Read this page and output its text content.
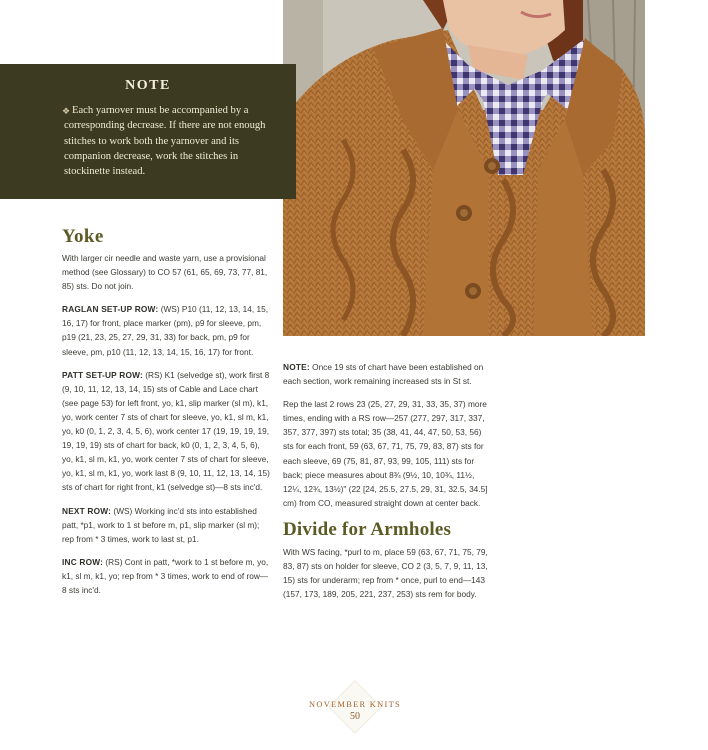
NOTE
❖ Each yarnover must be accompanied by a corresponding decrease. If there are not enough stitches to work both the yarnover and its companion decrease, work the stitches in stockinette instead.
Yoke

With larger cir needle and waste yarn, use a provisional method (see Glossary) to CO 57 (61, 65, 69, 73, 77, 81, 85) sts. Do not join.

RAGLAN SET-UP ROW: (WS) P10 (11, 12, 13, 14, 15, 16, 17) for front, place marker (pm), p9 for sleeve, pm, p19 (21, 23, 25, 27, 29, 31, 33) for back, pm, p9 for sleeve, pm, p10 (11, 12, 13, 14, 15, 16, 17) for front.

PATT SET-UP ROW: (RS) K1 (selvedge st), work first 8 (9, 10, 11, 12, 13, 14, 15) sts of Cable and Lace chart (see page 53) for left front, yo, k1, slip marker (sl m), k1, yo, work center 7 sts of chart for sleeve, yo, k1, sl m, k1, yo, k0 (0, 1, 2, 3, 4, 5, 6), work center 17 (19, 19, 19, 19, 19, 19, 19) sts of chart for back, k0 (0, 1, 2, 3, 4, 5, 6), yo, k1, sl m, k1, yo, work center 7 sts of chart for sleeve, yo, k1, sl m, k1, yo, work last 8 (9, 10, 11, 12, 13, 14, 15) sts of chart for right front, k1 (selvedge st)—8 sts inc'd.

NEXT ROW: (WS) Working inc'd sts into established patt, *p1, work to 1 st before m, p1, slip marker (sl m); rep from * 3 times, work to last st, p1.

INC ROW: (RS) Cont in patt, *work to 1 st before m, yo, k1, sl m, k1, yo; rep from * 3 times, work to end of row—8 sts inc'd.

NOTE: Once 19 sts of chart have been established on each section, work remaining increased sts in St st.

Rep the last 2 rows 23 (25, 27, 29, 31, 33, 35, 37) more times, ending with a RS row—257 (277, 297, 317, 337, 357, 377, 397) sts total; 35 (38, 41, 44, 47, 50, 53, 56) sts for each front, 59 (63, 67, 71, 75, 79, 83, 87) sts for each sleeve, 69 (75, 81, 87, 93, 99, 105, 111) sts for back; piece measures about 8¾ (9½, 10, 10¾, 11½, 12¼, 12¾, 13½)" (22 [24, 25.5, 27.5, 29, 31, 32.5, 34.5] cm) from CO, measured straight down at center back.

Divide for Armholes

With WS facing, *purl to m, place 59 (63, 67, 71, 75, 79, 83, 87) sts on holder for sleeve, CO 2 (3, 5, 7, 9, 11, 13, 15) sts for underarm; rep from * once, purl to end—143 (157, 173, 189, 205, 221, 237, 253) sts rem for body.

NOVEMBER KNITS
50
